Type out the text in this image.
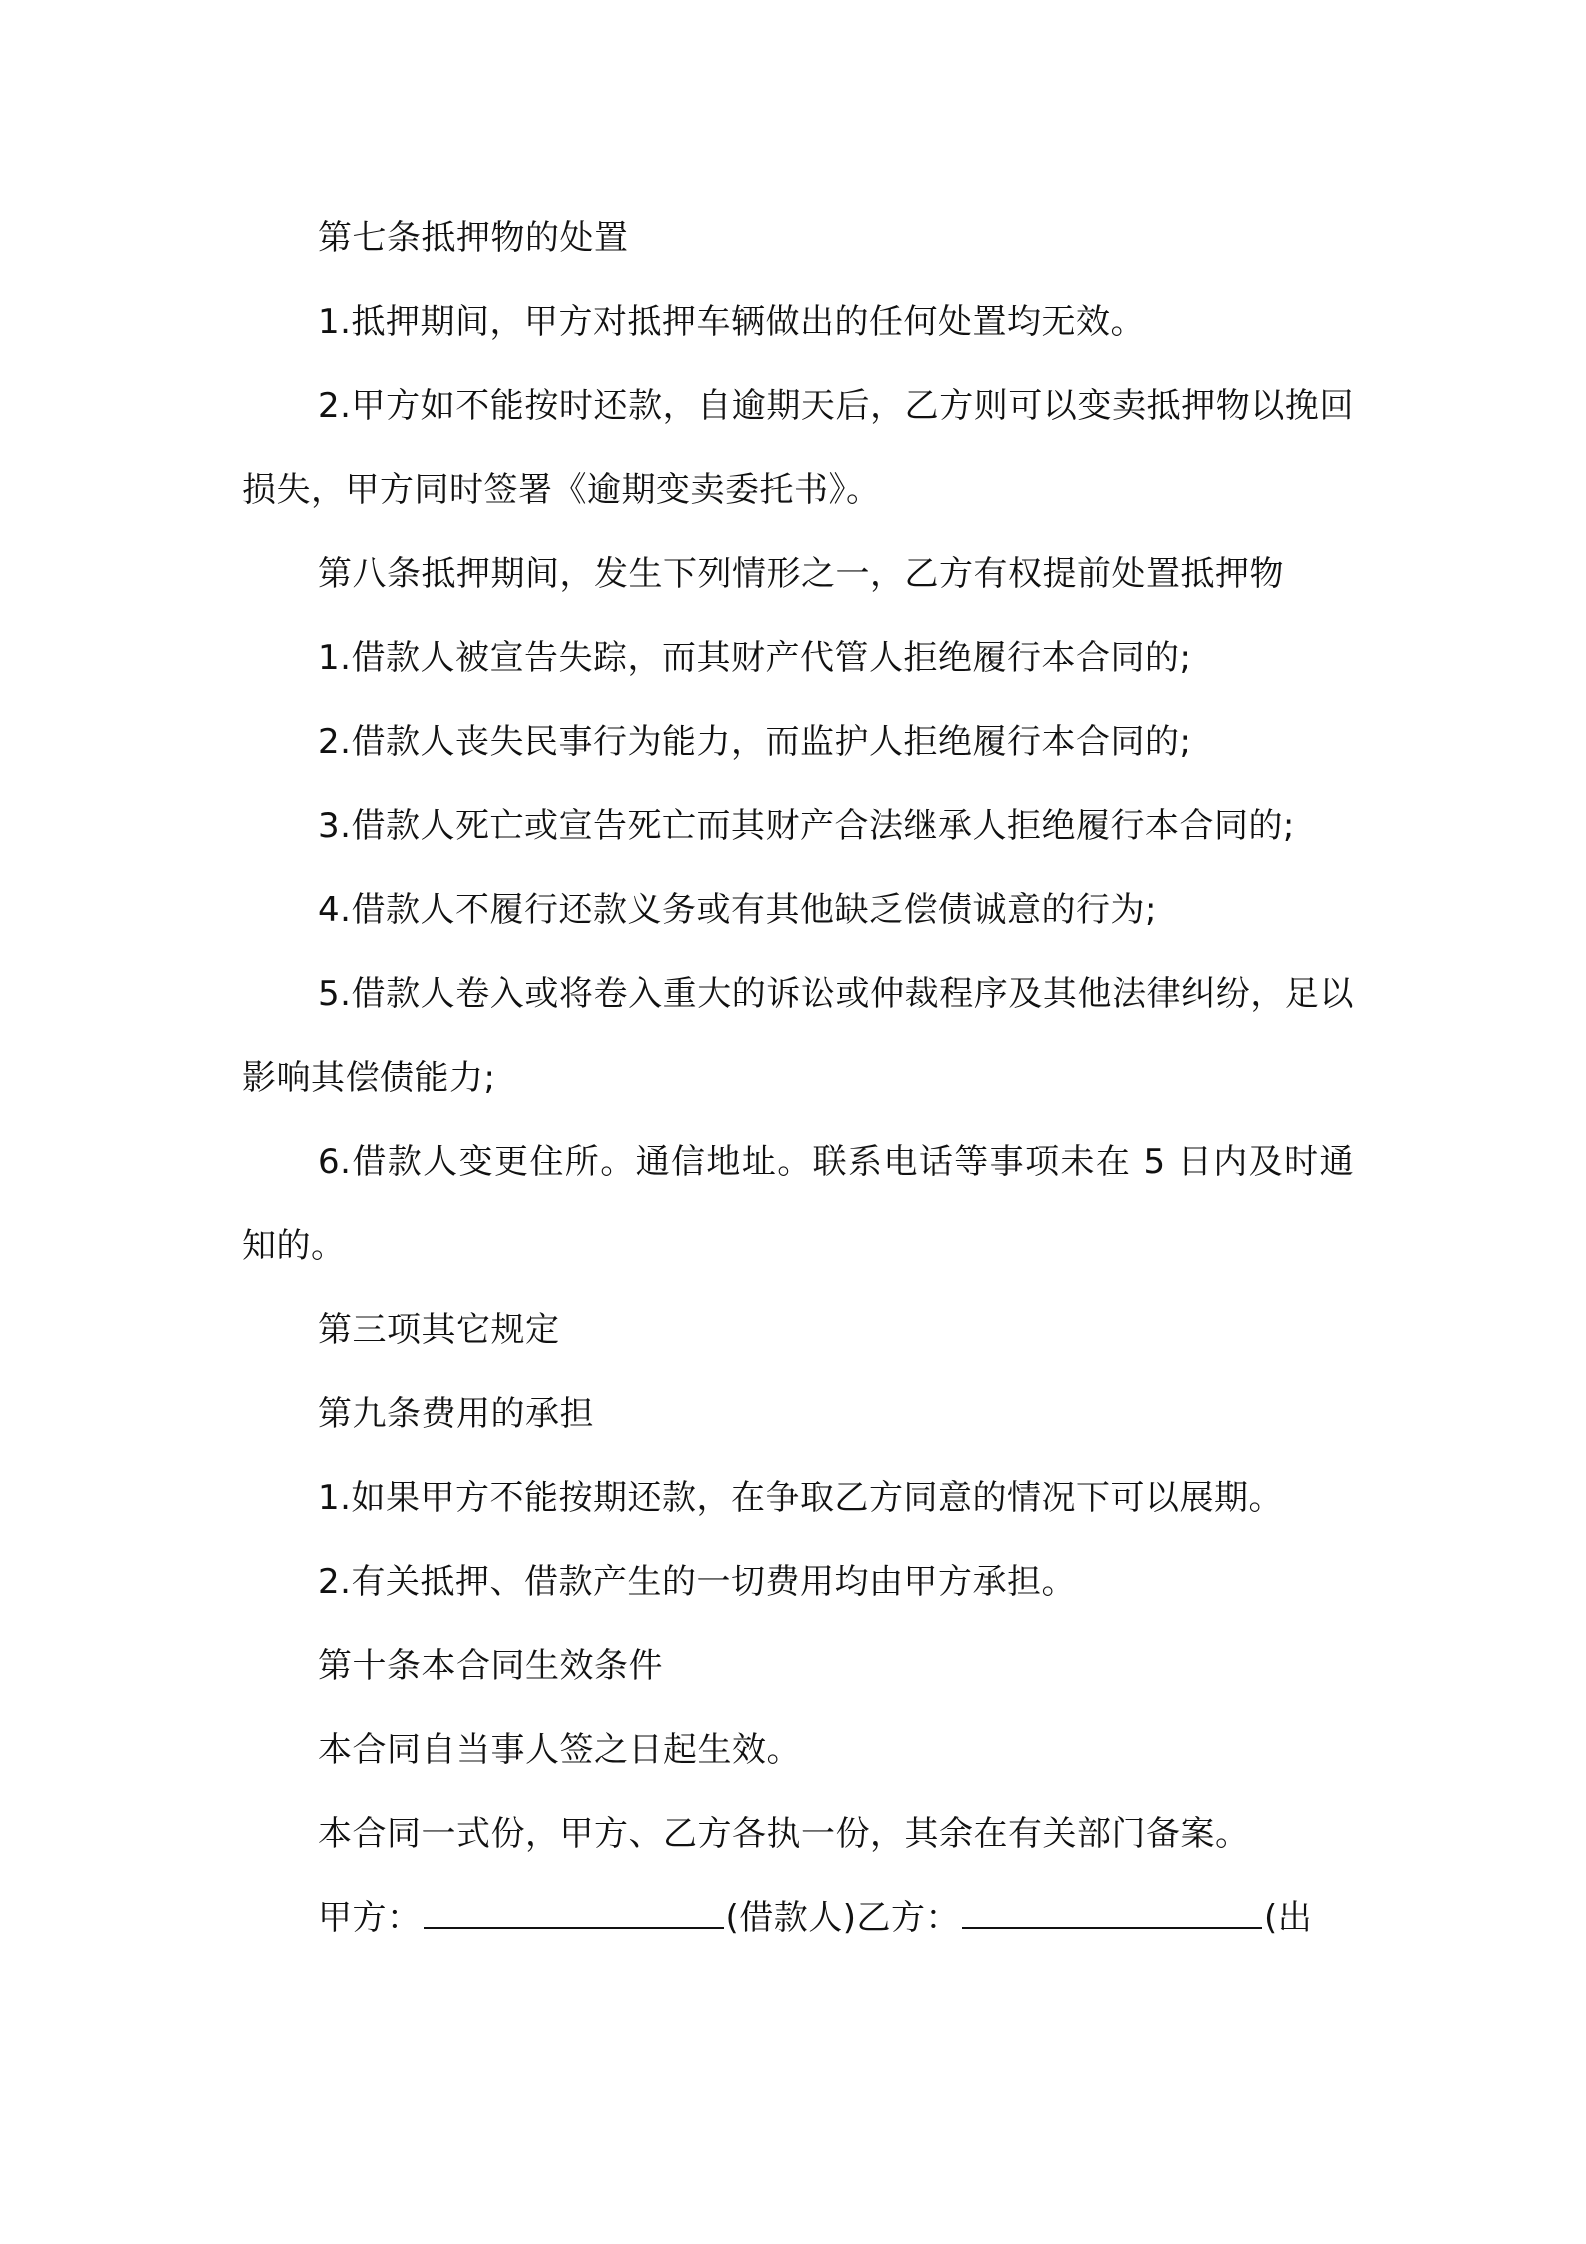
第七条抵押物的处置

1.抵押期间，甲方对抵押车辆做出的任何处置均无效。

2.甲方如不能按时还款，自逾期天后，乙方则可以变卖抵押物以挽回损失，甲方同时签署《逾期变卖委托书》。

第八条抵押期间，发生下列情形之一，乙方有权提前处置抵押物

1.借款人被宣告失踪，而其财产代管人拒绝履行本合同的;

2.借款人丧失民事行为能力，而监护人拒绝履行本合同的;

3.借款人死亡或宣告死亡而其财产合法继承人拒绝履行本合同的;

4.借款人不履行还款义务或有其他缺乏偿债诚意的行为;

5.借款人卷入或将卷入重大的诉讼或仲裁程序及其他法律纠纷，足以影响其偿债能力;

6.借款人变更住所。通信地址。联系电话等事项未在 5 日内及时通知的。

第三项其它规定

第九条费用的承担

1.如果甲方不能按期还款，在争取乙方同意的情况下可以展期。

2.有关抵押、借款产生的一切费用均由甲方承担。

第十条本合同生效条件

本合同自当事人签之日起生效。

本合同一式份，甲方、乙方各执一份，其余在有关部门备案。

甲方：	(借款人)乙方：	(出
